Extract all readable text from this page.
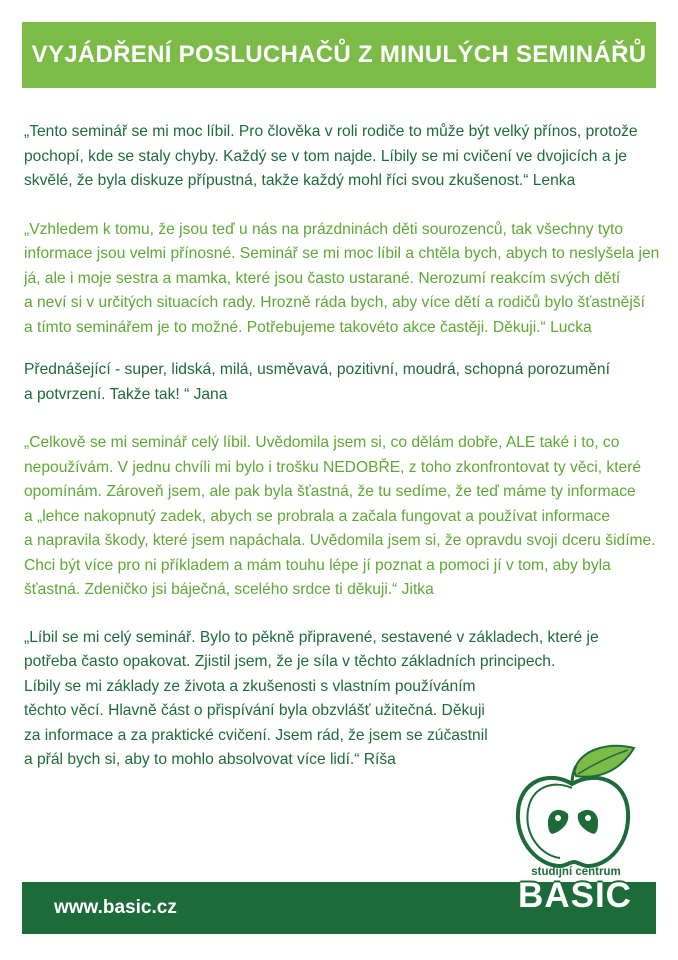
VYJÁDŘENÍ POSLUCHAČŮ Z MINULÝCH SEMINÁŘŮ

„Tento seminář se mi moc líbil. Pro člověka v roli rodiče to může být velký přínos, protože
pochopí, kde se staly chyby. Každý se v tom najde. Líbily se mi cvičení ve dvojicích a je
skvělé, že byla diskuze přípustná, takže každý mohl říci svou zkušenost.“ Lenka

„Vzhledem k tomu, že jsou teď u nás na prázdninách děti sourozenců, tak všechny tyto
informace jsou velmi přínosné. Seminář se mi moc líbil a chtěla bych, abych to neslyšela jen
já, ale i moje sestra a mamka, které jsou často ustarané. Nerozumí reakcím svých dětí
a neví si v určitých situacích rady. Hrozně ráda bych, aby více dětí a rodičů bylo šťastnější
a tímto seminářem je to možné. Potřebujeme takovéto akce častěji. Děkuji.“ Lucka

Přednášející - super, lidská, milá, usměvavá, pozitivní, moudrá, schopná porozumění
a potvrzení. Takže tak! “ Jana

„Celkově se mi seminář celý líbil. Uvědomila jsem si, co dělám dobře, ALE také i to, co
nepoužívám. V jednu chvíli mi bylo i trošku NEDOBŘE, z toho zkonfrontovat ty věci, které
opomínám. Zároveň jsem, ale pak byla šťastná, že tu sedíme, že teď máme ty informace
a „lehce nakopnutý zadek, abych se probrala a začala fungovat a používat informace
a napravila škody, které jsem napáchala. Uvědomila jsem si, že opravdu svoji dceru šidíme.
Chci být více pro ni příkladem a mám touhu lépe jí poznat a pomoci jí v tom, aby byla
šťastná. Zdeničko jsi báječná, scelého srdce ti děkuji.“ Jitka

„Líbil se mi celý seminář. Bylo to pěkně připravené, sestavené v základech, které je
potřeba často opakovat. Zjistil jsem, že je síla v těchto základních principech.
Líbily se mi základy ze života a zkušenosti s vlastním používáním
těchto věcí. Hlavně část o přispívání byla obzvlášť užitečná. Děkuji
za informace a za praktické cvičení. Jsem rád, že jsem se zúčastnil
a přál bych si, aby to mohlo absolvovat více lidí.“ Ríša

www.basic.cz
studijní centrum
BASIC
